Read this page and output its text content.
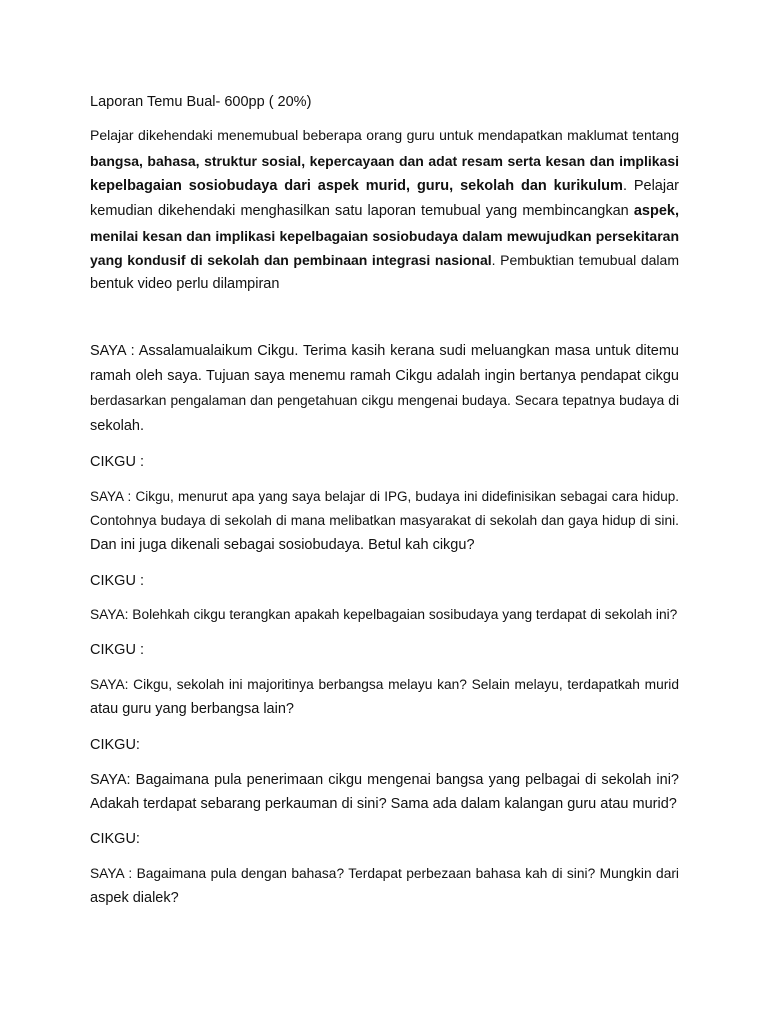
Laporan Temu Bual- 600pp ( 20%)
Pelajar dikehendaki menemubual beberapa orang guru untuk mendapatkan maklumat tentang
bangsa, bahasa, struktur sosial, kepercayaan dan adat resam serta kesan dan implikasi
kepelbagaian sosiobudaya dari aspek murid, guru, sekolah dan kurikulum. Pelajar
kemudian dikehendaki menghasilkan satu laporan temubual yang membincangkan aspek,
menilai kesan dan implikasi kepelbagaian sosiobudaya dalam mewujudkan persekitaran
yang kondusif di sekolah dan pembinaan integrasi nasional. Pembuktian temubual dalam
bentuk video perlu dilampiran
SAYA : Assalamualaikum Cikgu. Terima kasih kerana sudi meluangkan masa untuk ditemu
ramah oleh saya. Tujuan saya menemu ramah Cikgu adalah ingin bertanya pendapat cikgu
berdasarkan pengalaman dan pengetahuan cikgu mengenai budaya. Secara tepatnya budaya di
sekolah.
CIKGU :
SAYA : Cikgu, menurut apa yang saya belajar di IPG, budaya ini didefinisikan sebagai cara hidup.
Contohnya budaya di sekolah di mana melibatkan masyarakat di sekolah dan gaya hidup di sini.
Dan ini juga dikenali sebagai sosiobudaya. Betul kah cikgu?
CIKGU :
SAYA: Bolehkah cikgu terangkan apakah kepelbagaian sosibudaya yang terdapat di sekolah ini?
CIKGU :
SAYA: Cikgu, sekolah ini majoritinya berbangsa melayu kan? Selain melayu, terdapatkah murid
atau guru yang berbangsa lain?
CIKGU:
SAYA: Bagaimana pula penerimaan cikgu mengenai bangsa yang pelbagai di sekolah ini?
Adakah terdapat sebarang perkauman di sini? Sama ada dalam kalangan guru atau murid?
CIKGU:
SAYA : Bagaimana pula dengan bahasa? Terdapat perbezaan bahasa kah di sini? Mungkin dari
aspek dialek?
